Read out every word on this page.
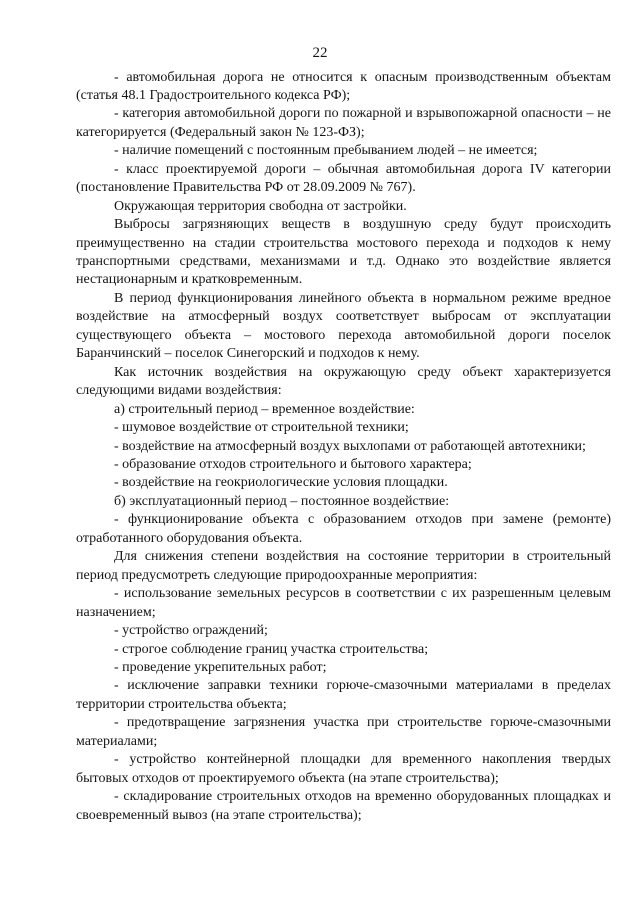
22

- автомобильная дорога не относится к опасным производственным объектам (статья 48.1 Градостроительного кодекса РФ);

- категория автомобильной дороги по пожарной и взрывопожарной опасности – не категорируется (Федеральный закон № 123-ФЗ);

- наличие помещений с постоянным пребыванием людей – не имеется;

- класс проектируемой дороги – обычная автомобильная дорога IV категории (постановление Правительства РФ от 28.09.2009 № 767).

Окружающая территория свободна от застройки.

Выбросы загрязняющих веществ в воздушную среду будут происходить преимущественно на стадии строительства мостового перехода и подходов к нему транспортными средствами, механизмами и т.д. Однако это воздействие является нестационарным и кратковременным.

В период функционирования линейного объекта в нормальном режиме вредное воздействие на атмосферный воздух соответствует выбросам от эксплуатации существующего объекта – мостового перехода автомобильной дороги поселок Баранчинский – поселок Синегорский и подходов к нему.

Как источник воздействия на окружающую среду объект характеризуется следующими видами воздействия:

а) строительный период – временное воздействие:

- шумовое воздействие от строительной техники;

- воздействие на атмосферный воздух выхлопами от работающей автотехники;

- образование отходов строительного и бытового характера;

- воздействие на геокриологические условия площадки.

б) эксплуатационный период – постоянное воздействие:

- функционирование объекта с образованием отходов при замене (ремонте) отработанного оборудования объекта.

Для снижения степени воздействия на состояние территории в строительный период предусмотреть следующие природоохранные мероприятия:

- использование земельных ресурсов в соответствии с их разрешенным целевым назначением;

- устройство ограждений;

- строгое соблюдение границ участка строительства;

- проведение укрепительных работ;

- исключение заправки техники горюче-смазочными материалами в пределах территории строительства объекта;

- предотвращение загрязнения участка при строительстве горюче-смазочными материалами;

- устройство контейнерной площадки для временного накопления твердых бытовых отходов от проектируемого объекта (на этапе строительства);

- складирование строительных отходов на временно оборудованных площадках и своевременный вывоз (на этапе строительства);
